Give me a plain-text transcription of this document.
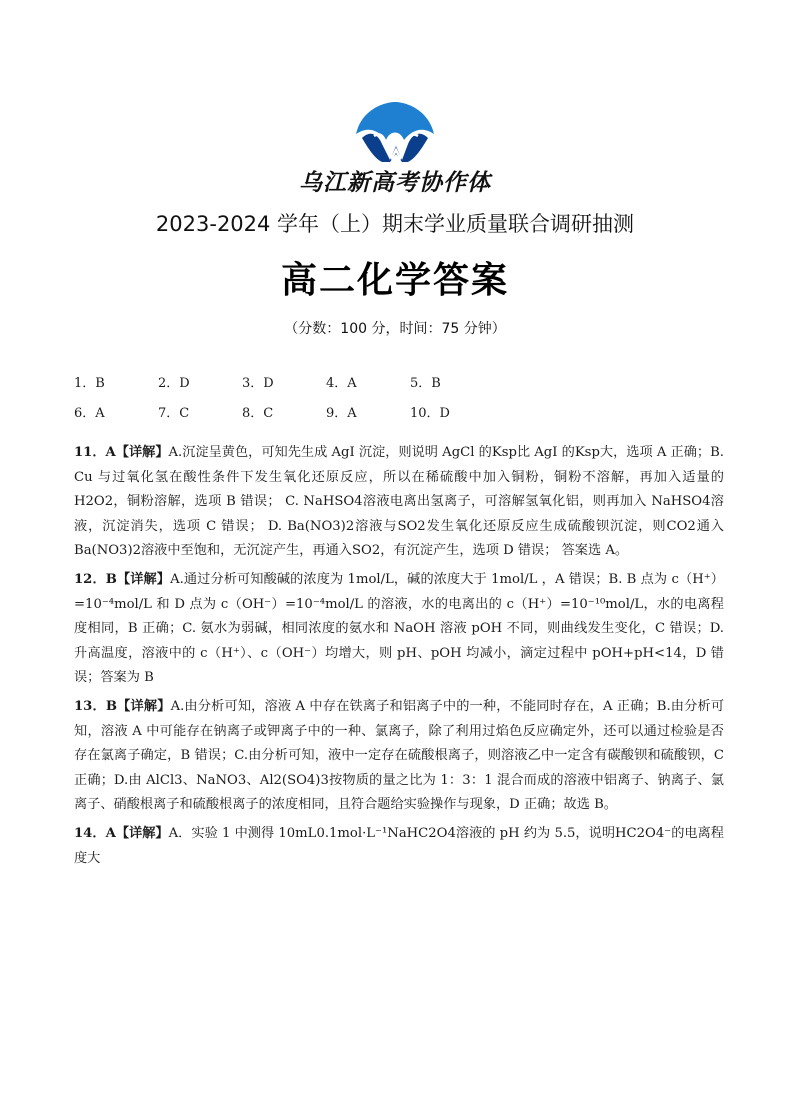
乌江新高考协作体
2023-2024 学年（上）期末学业质量联合调研抽测
高二化学答案
（分数：100 分，时间：75 分钟）
1．B	2．D	3．D	4．A	5．B
6．A	7．C	8．C	9．A	10．D

11．A【详解】A.沉淀呈黄色，可知先生成 AgI 沉淀，则说明 AgCl 的Ksp比 AgI 的Ksp大，选项 A 正确；B. Cu 与过氧化氢在酸性条件下发生氧化还原反应，所以在稀硫酸中加入铜粉，铜粉不溶解，再加入适量的 H2O2，铜粉溶解，选项 B 错误； C. NaHSO4溶液电离出氢离子，可溶解氢氧化铝，则再加入 NaHSO4溶液，沉淀消失，选项 C 错误； D. Ba(NO3)2溶液与SO2发生氧化还原反应生成硫酸钡沉淀，则CO2通入 Ba(NO3)2溶液中至饱和，无沉淀产生，再通入SO2，有沉淀产生，选项 D 错误； 答案选 A。

12．B【详解】A.通过分析可知酸碱的浓度为 1mol/L，碱的浓度大于 1mol/L ，A 错误；B. B 点为 c（H⁺）=10⁻⁴mol/L 和 D 点为 c（OH⁻）=10⁻⁴mol/L 的溶液，水的电离出的 c（H⁺）=10⁻¹⁰mol/L，水的电离程度相同，B 正确；C. 氨水为弱碱，相同浓度的氨水和 NaOH 溶液 pOH 不同，则曲线发生变化，C 错误；D.升高温度，溶液中的 c（H⁺）、c（OH⁻）均增大，则 pH、pOH 均减小，滴定过程中 pOH+pH<14，D 错误；答案为 B

13．B【详解】A.由分析可知，溶液 A 中存在铁离子和铝离子中的一种，不能同时存在，A 正确；B.由分析可知，溶液 A 中可能存在钠离子或钾离子中的一种、氯离子，除了利用过焰色反应确定外，还可以通过检验是否存在氯离子确定，B 错误；C.由分析可知，液中一定存在硫酸根离子，则溶液乙中一定含有碳酸钡和硫酸钡，C 正确；D.由 AlCl3、NaNO3、Al2(SO4)3按物质的量之比为 1：3：1 混合而成的溶液中铝离子、钠离子、氯离子、硝酸根离子和硫酸根离子的浓度相同，且符合题给实验操作与现象，D 正确；故选 B。

14．A【详解】A．实验 1 中测得 10mL0.1mol·L⁻¹NaHC2O4溶液的 pH 约为 5.5，说明HC2O4⁻的电离程度大
